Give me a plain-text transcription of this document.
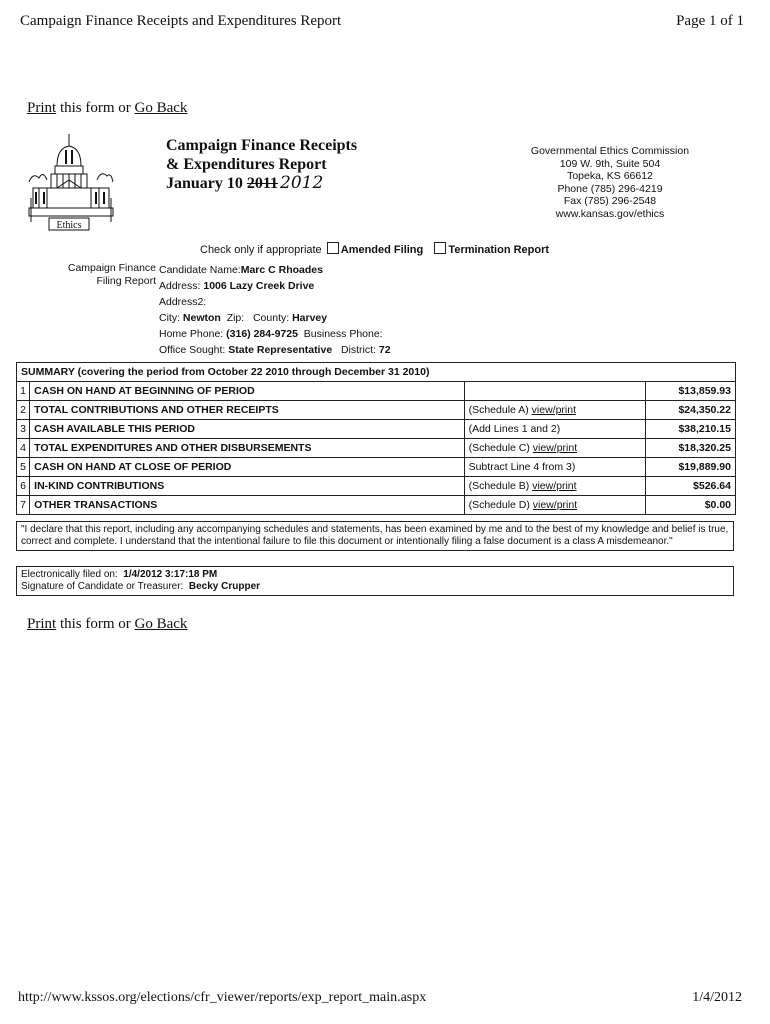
Campaign Finance Receipts and Expenditures Report	Page 1 of 1
Print this form or Go Back
Ethics
Campaign Finance Receipts
& Expenditures Report
January 10 2011 2012
Governmental Ethics Commission
109 W. 9th, Suite 504
Topeka, KS 66612
Phone (785) 296-4219
Fax (785) 296-2548
www.kansas.gov/ethics
Check only if appropriate Amended Filing Termination Report
Campaign Finance
Filing Report
Candidate Name:Marc C Rhoades
Address: 1006 Lazy Creek Drive
Address2:
City: Newton Zip: County: Harvey
Home Phone: (316) 284-9725 Business Phone:
Office Sought: State Representative District: 72
SUMMARY (covering the period from October 22 2010 through December 31 2010)			
1	CASH ON HAND AT BEGINNING OF PERIOD		$13,859.93
2	TOTAL CONTRIBUTIONS AND OTHER RECEIPTS	(Schedule A) view/print	$24,350.22
3	CASH AVAILABLE THIS PERIOD	(Add Lines 1 and 2)	$38,210.15
4	TOTAL EXPENDITURES AND OTHER DISBURSEMENTS	(Schedule C) view/print	$18,320.25
5	CASH ON HAND AT CLOSE OF PERIOD	Subtract Line 4 from 3)	$19,889.90
6	IN-KIND CONTRIBUTIONS	(Schedule B) view/print	$526.64
7	OTHER TRANSACTIONS	(Schedule D) view/print	$0.00
"I declare that this report, including any accompanying schedules and statements, has been examined by me and to the best of my knowledge and belief is true, correct and complete. I understand that the intentional failure to file this document or intentionally filing a false document is a class A misdemeanor."
Electronically filed on: 1/4/2012 3:17:18 PM
Signature of Candidate or Treasurer: Becky Crupper
Print this form or Go Back
http://www.kssos.org/elections/cfr_viewer/reports/exp_report_main.aspx	1/4/2012
